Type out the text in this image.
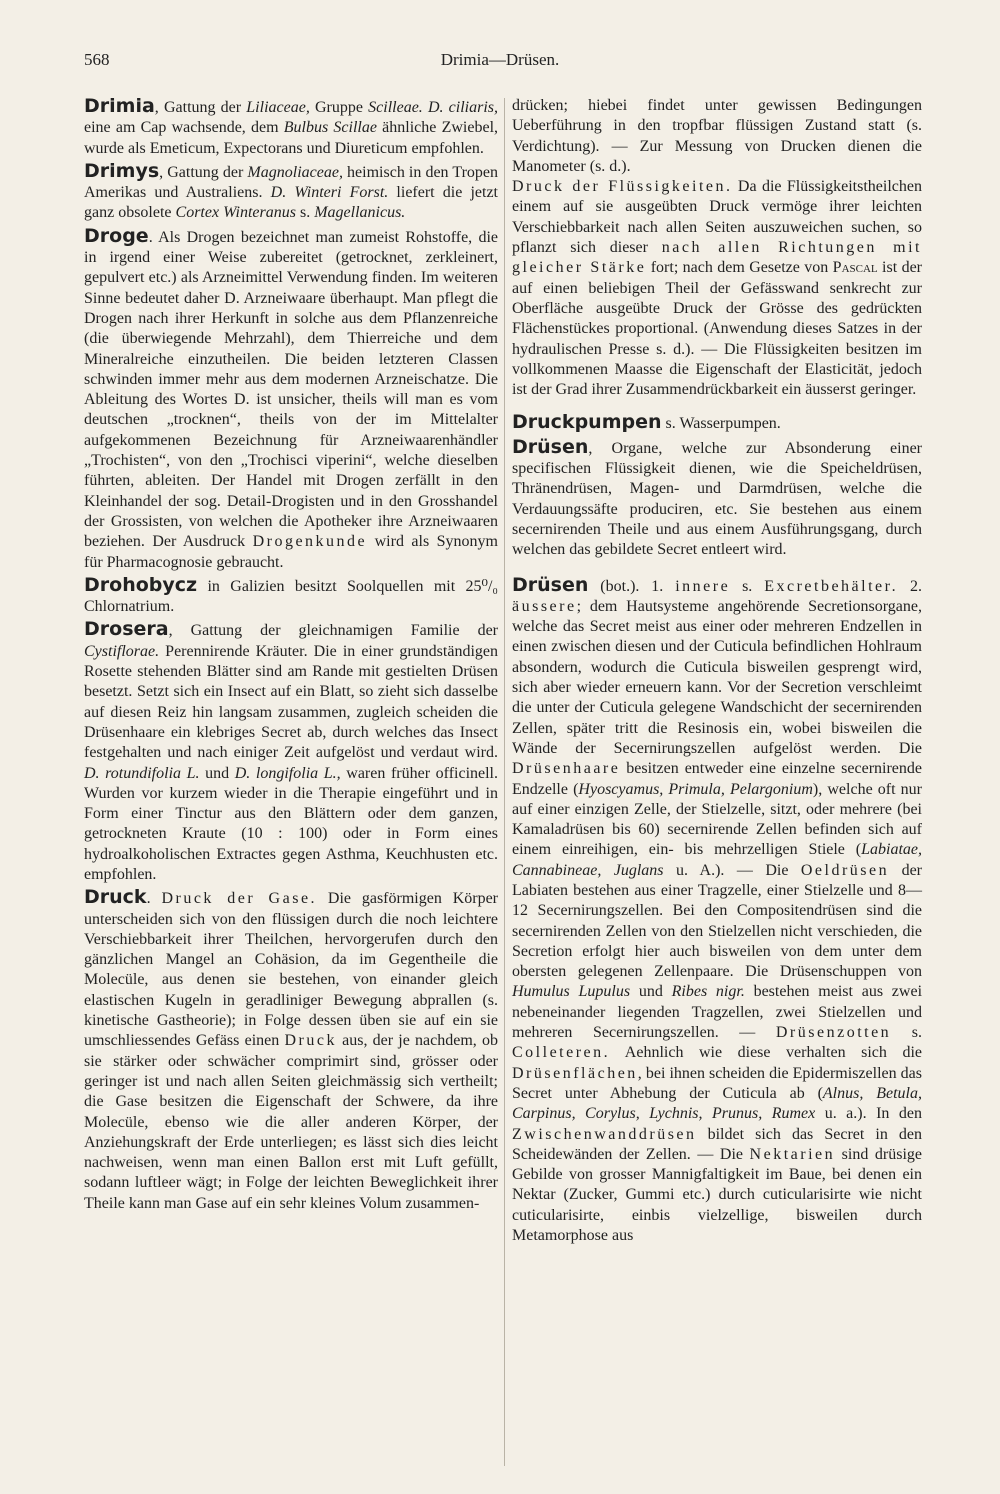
Drimia—Drüsen.
568

Drimia, Gattung der Liliaceae, Gruppe Scilleae. D. ciliaris, eine am Cap wachsende, dem Bulbus Scillae ähnliche Zwiebel, wurde als Emeticum, Expectorans und Diureticum empfohlen.

Drimys, Gattung der Magnoliaceae, heimisch in den Tropen Amerikas und Australiens. D. Winteri Forst. liefert die jetzt ganz obsolete Cortex Winteranus s. Magellanicus.

Droge. Als Drogen bezeichnet man zumeist Rohstoffe, die in irgend einer Weise zubereitet (getrocknet, zerkleinert, gepulvert etc.) als Arzneimittel Verwendung finden. Im weiteren Sinne bedeutet daher D. Arzneiwaare überhaupt. Man pflegt die Drogen nach ihrer Herkunft in solche aus dem Pflanzenreiche (die überwiegende Mehrzahl), dem Thierreiche und dem Mineralreiche einzutheilen. Die beiden letzteren Classen schwinden immer mehr aus dem modernen Arzneischatze. Die Ableitung des Wortes D. ist unsicher, theils will man es vom deutschen „trocknen“, theils von der im Mittelalter aufgekommenen Bezeichnung für Arzneiwaarenhändler „Trochisten“, von den „Trochisci viperini“, welche dieselben führten, ableiten. Der Handel mit Drogen zerfällt in den Kleinhandel der sog. Detail-Drogisten und in den Grosshandel der Grossisten, von welchen die Apotheker ihre Arzneiwaaren beziehen. Der Ausdruck Drogenkunde wird als Synonym für Pharmacognosie gebraucht.

Drohobycz in Galizien besitzt Soolquellen mit 25⁰/₀ Chlornatrium.

Drosera, Gattung der gleichnamigen Familie der Cystiflorae. Perennirende Kräuter. Die in einer grundständigen Rosette stehenden Blätter sind am Rande mit gestielten Drüsen besetzt. Setzt sich ein Insect auf ein Blatt, so zieht sich dasselbe auf diesen Reiz hin langsam zusammen, zugleich scheiden die Drüsenhaare ein klebriges Secret ab, durch welches das Insect festgehalten und nach einiger Zeit aufgelöst und verdaut wird. D. rotundifolia L. und D. longifolia L., waren früher officinell. Wurden vor kurzem wieder in die Therapie eingeführt und in Form einer Tinctur aus den Blättern oder dem ganzen, getrockneten Kraute (10 : 100) oder in Form eines hydroalkoholischen Extractes gegen Asthma, Keuchhusten etc. empfohlen.

Druck. Druck der Gase. Die gasförmigen Körper unterscheiden sich von den flüssigen durch die noch leichtere Verschiebbarkeit ihrer Theilchen, hervorgerufen durch den gänzlichen Mangel an Cohäsion, da im Gegentheile die Molecüle, aus denen sie bestehen, von einander gleich elastischen Kugeln in geradliniger Bewegung abprallen (s. kinetische Gastheorie); in Folge dessen üben sie auf ein sie umschliessendes Gefäss einen Druck aus, der je nachdem, ob sie stärker oder schwächer comprimirt sind, grösser oder geringer ist und nach allen Seiten gleichmässig sich vertheilt; die Gase besitzen die Eigenschaft der Schwere, da ihre Molecüle, ebenso wie die aller anderen Körper, der Anziehungskraft der Erde unterliegen; es lässt sich dies leicht nachweisen, wenn man einen Ballon erst mit Luft gefüllt, sodann luftleer wägt; in Folge der leichten Beweglichkeit ihrer Theile kann man Gase auf ein sehr kleines Volum zusammen-

drücken; hiebei findet unter gewissen Bedingungen Ueberführung in den tropfbar flüssigen Zustand statt (s. Verdichtung). — Zur Messung von Drucken dienen die Manometer (s. d.).
Druck der Flüssigkeiten. Da die Flüssigkeitstheilchen einem auf sie ausgeübten Druck vermöge ihrer leichten Verschiebbarkeit nach allen Seiten auszuweichen suchen, so pflanzt sich dieser nach allen Richtungen mit gleicher Stärke fort; nach dem Gesetze von Pascal ist der auf einen beliebigen Theil der Gefässwand senkrecht zur Oberfläche ausgeübte Druck der Grösse des gedrückten Flächenstückes proportional. (Anwendung dieses Satzes in der hydraulischen Presse s. d.). — Die Flüssigkeiten besitzen im vollkommenen Maasse die Eigenschaft der Elasticität, jedoch ist der Grad ihrer Zusammendrückbarkeit ein äusserst geringer.

Druckpumpen s. Wasserpumpen.

Drüsen, Organe, welche zur Absonderung einer specifischen Flüssigkeit dienen, wie die Speicheldrüsen, Thränendrüsen, Magen- und Darmdrüsen, welche die Verdauungssäfte produciren, etc. Sie bestehen aus einem secernirenden Theile und aus einem Ausführungsgang, durch welchen das gebildete Secret entleert wird.

Drüsen (bot.). 1. innere s. Excretbehälter. 2. äussere; dem Hautsysteme angehörende Secretionsorgane, welche das Secret meist aus einer oder mehreren Endzellen in einen zwischen diesen und der Cuticula befindlichen Hohlraum absondern, wodurch die Cuticula bisweilen gesprengt wird, sich aber wieder erneuern kann. Vor der Secretion verschleimt die unter der Cuticula gelegene Wandschicht der secernirenden Zellen, später tritt die Resinosis ein, wobei bisweilen die Wände der Secernirungszellen aufgelöst werden. Die Drüsenhaare besitzen entweder eine einzelne secernirende Endzelle (Hyoscyamus, Primula, Pelargonium), welche oft nur auf einer einzigen Zelle, der Stielzelle, sitzt, oder mehrere (bei Kamaladrüsen bis 60) secernirende Zellen befinden sich auf einem einreihigen, ein- bis mehrzelligen Stiele (Labiatae, Cannabineae, Juglans u. A.). — Die Oeldrüsen der Labiaten bestehen aus einer Tragzelle, einer Stielzelle und 8—12 Secernirungszellen. Bei den Compositendrüsen sind die secernirenden Zellen von den Stielzellen nicht verschieden, die Secretion erfolgt hier auch bisweilen von dem unter dem obersten gelegenen Zellenpaare. Die Drüsenschuppen von Humulus Lupulus und Ribes nigr. bestehen meist aus zwei nebeneinander liegenden Tragzellen, zwei Stielzellen und mehreren Secernirungszellen. — Drüsenzotten s. Colleteren. Aehnlich wie diese verhalten sich die Drüsenflächen, bei ihnen scheiden die Epidermiszellen das Secret unter Abhebung der Cuticula ab (Alnus, Betula, Carpinus, Corylus, Lychnis, Prunus, Rumex u. a.). In den Zwischenwanddrüsen bildet sich das Secret in den Scheidewänden der Zellen. — Die Nektarien sind drüsige Gebilde von grosser Mannigfaltigkeit im Baue, bei denen ein Nektar (Zucker, Gummi etc.) durch cuticularisirte wie nicht cuticularisirte, einbis vielzellige, bisweilen durch Metamorphose aus
